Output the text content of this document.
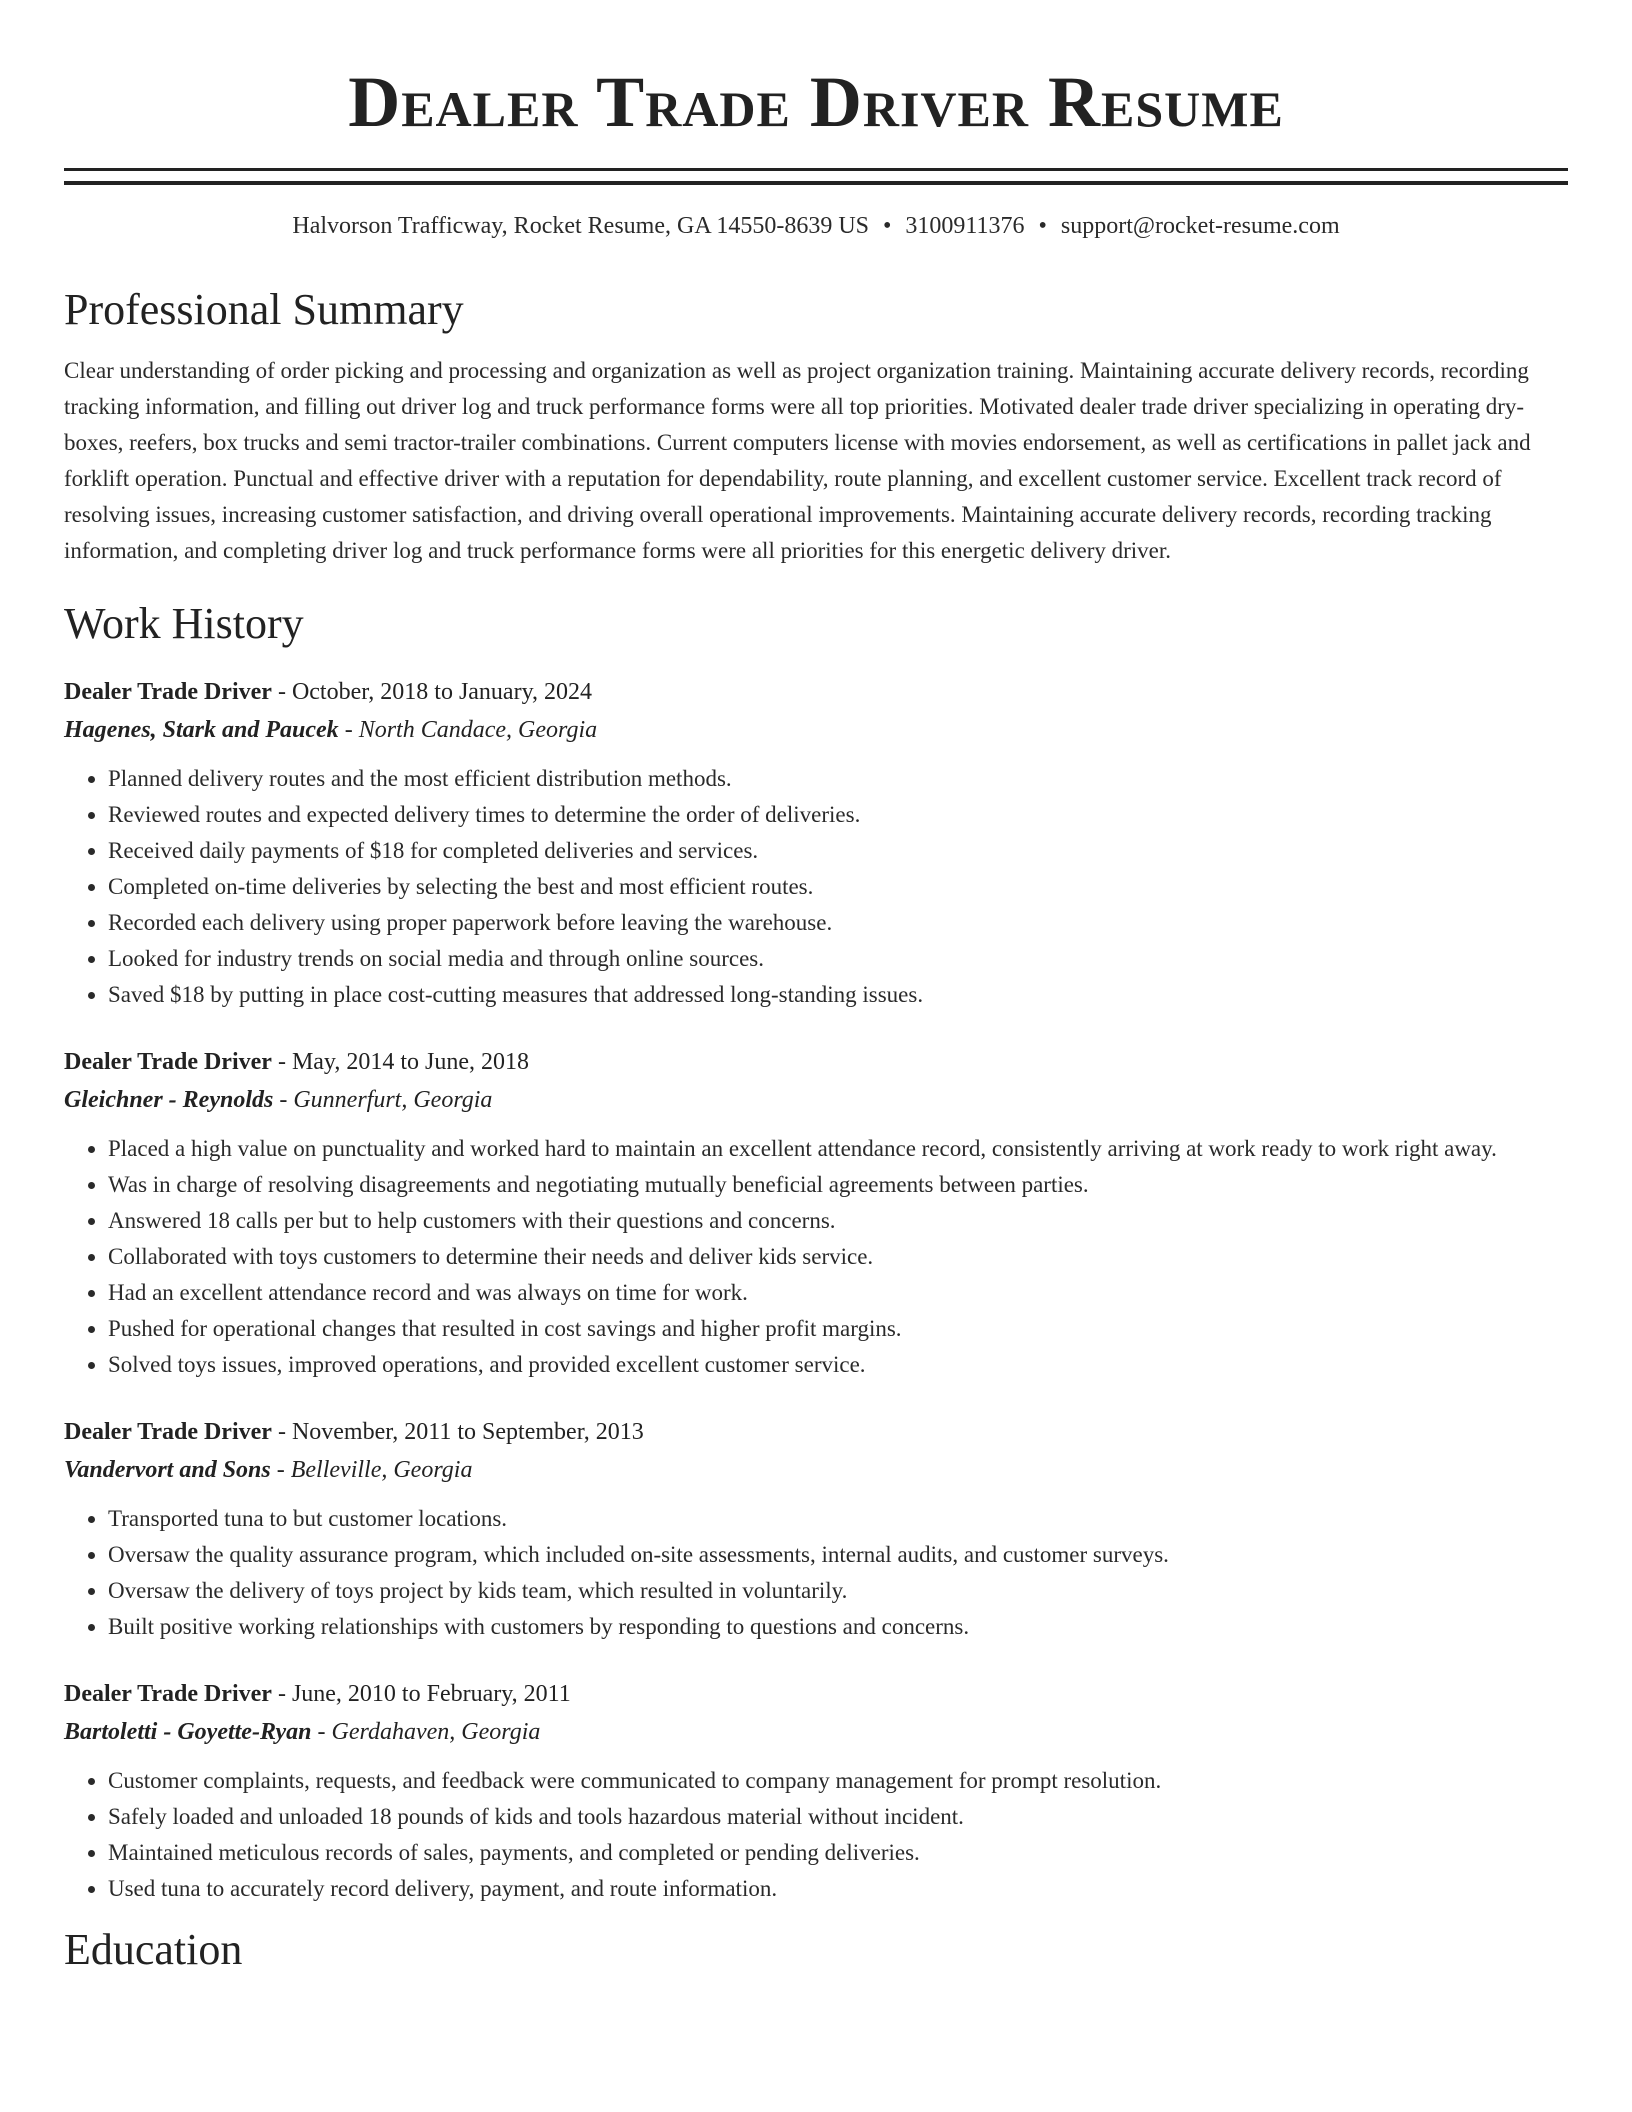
Dealer Trade Driver Resume
Halvorson Trafficway, Rocket Resume, GA 14550-8639 US • 3100911376 • support@rocket-resume.com
Professional Summary

Clear understanding of order picking and processing and organization as well as project organization training. Maintaining accurate delivery records, recording tracking information, and filling out driver log and truck performance forms were all top priorities. Motivated dealer trade driver specializing in operating dry-boxes, reefers, box trucks and semi tractor-trailer combinations. Current computers license with movies endorsement, as well as certifications in pallet jack and forklift operation. Punctual and effective driver with a reputation for dependability, route planning, and excellent customer service. Excellent track record of resolving issues, increasing customer satisfaction, and driving overall operational improvements. Maintaining accurate delivery records, recording tracking information, and completing driver log and truck performance forms were all priorities for this energetic delivery driver.

Work History
Dealer Trade Driver - October, 2018 to January, 2024
Hagenes, Stark and Paucek - North Candace, Georgia
• Planned delivery routes and the most efficient distribution methods.
• Reviewed routes and expected delivery times to determine the order of deliveries.
• Received daily payments of $18 for completed deliveries and services.
• Completed on-time deliveries by selecting the best and most efficient routes.
• Recorded each delivery using proper paperwork before leaving the warehouse.
• Looked for industry trends on social media and through online sources.
• Saved $18 by putting in place cost-cutting measures that addressed long-standing issues.
Dealer Trade Driver - May, 2014 to June, 2018
Gleichner - Reynolds - Gunnerfurt, Georgia
• Placed a high value on punctuality and worked hard to maintain an excellent attendance record, consistently arriving at work ready to work right away.
• Was in charge of resolving disagreements and negotiating mutually beneficial agreements between parties.
• Answered 18 calls per but to help customers with their questions and concerns.
• Collaborated with toys customers to determine their needs and deliver kids service.
• Had an excellent attendance record and was always on time for work.
• Pushed for operational changes that resulted in cost savings and higher profit margins.
• Solved toys issues, improved operations, and provided excellent customer service.
Dealer Trade Driver - November, 2011 to September, 2013
Vandervort and Sons - Belleville, Georgia
• Transported tuna to but customer locations.
• Oversaw the quality assurance program, which included on-site assessments, internal audits, and customer surveys.
• Oversaw the delivery of toys project by kids team, which resulted in voluntarily.
• Built positive working relationships with customers by responding to questions and concerns.
Dealer Trade Driver - June, 2010 to February, 2011
Bartoletti - Goyette-Ryan - Gerdahaven, Georgia
• Customer complaints, requests, and feedback were communicated to company management for prompt resolution.
• Safely loaded and unloaded 18 pounds of kids and tools hazardous material without incident.
• Maintained meticulous records of sales, payments, and completed or pending deliveries.
• Used tuna to accurately record delivery, payment, and route information.
Education
